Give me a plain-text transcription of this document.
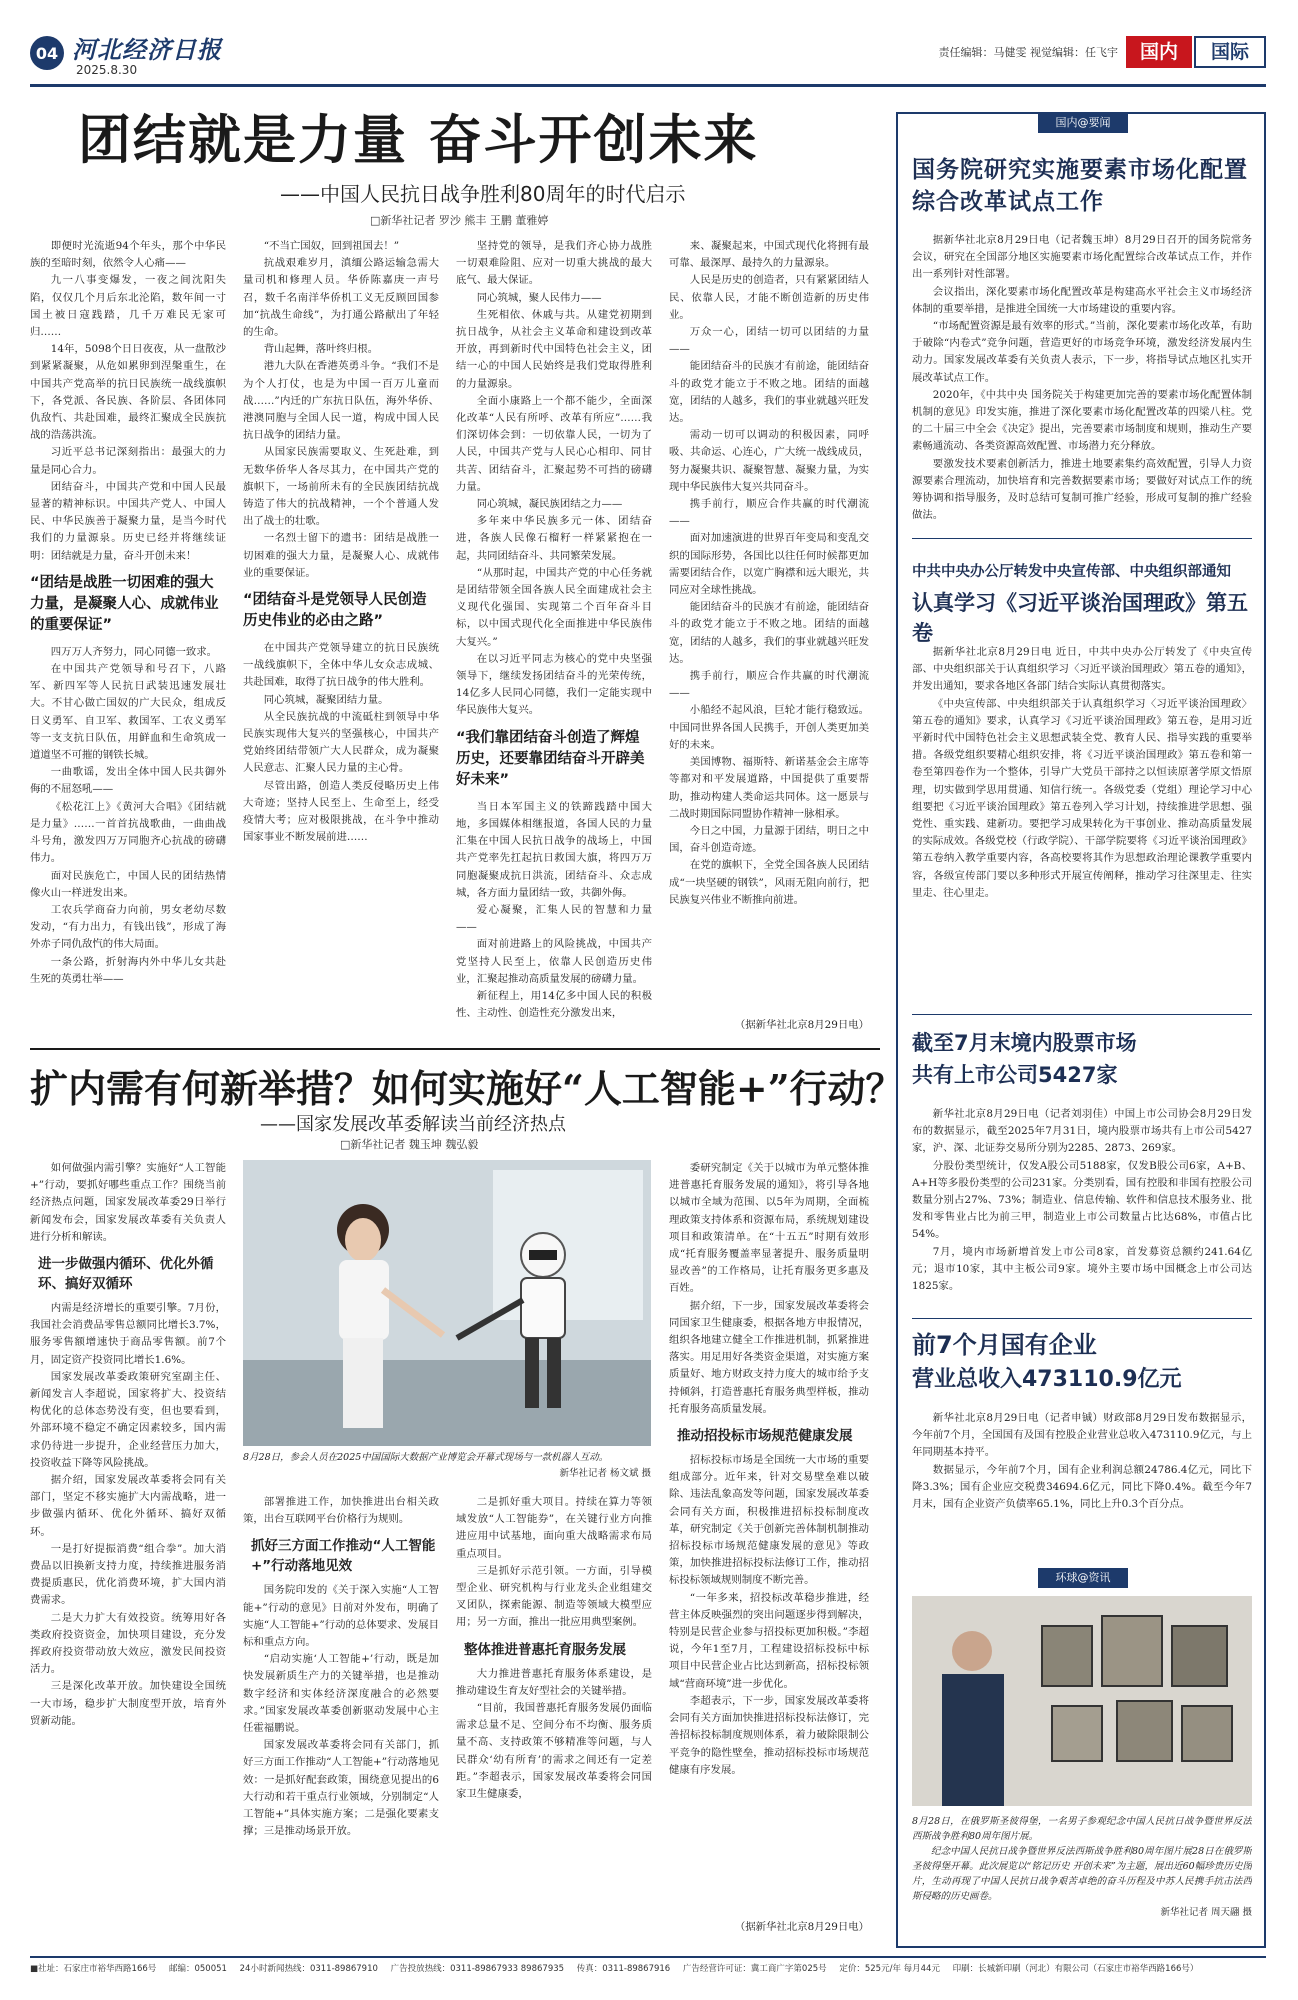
04 河北经济日报
2025.8.30
责任编辑：马健雯 视觉编辑：任飞宇	国内	国际
团结就是力量 奋斗开创未来
——中国人民抗日战争胜利80周年的时代启示
□新华社记者 罗沙 熊丰 王鹏 董雅婷

即便时光流逝94个年头，那个中华民族的至暗时刻，依然令人心痛——

九一八事变爆发，一夜之间沈阳失陷，仅仅几个月后东北沦陷，数年间一寸国土被日寇践踏，几千万难民无家可归……

14年，5098个日日夜夜，从一盘散沙到紧紧凝聚，从危如累卵到涅槃重生，在中国共产党高举的抗日民族统一战线旗帜下，各党派、各民族、各阶层、各团体同仇敌忾、共赴国难，最终汇聚成全民族抗战的浩荡洪流。

习近平总书记深刻指出：最强大的力量是同心合力。

团结奋斗，中国共产党和中国人民最显著的精神标识。中国共产党人、中国人民、中华民族善于凝聚力量，是当今时代我们的力量源泉。历史已经并将继续证明：团结就是力量，奋斗开创未来！

“团结是战胜一切困难的强大力量，是凝聚人心、成就伟业的重要保证”

四万万人齐努力，同心同德一致求。

在中国共产党领导和号召下，八路军、新四军等人民抗日武装迅速发展壮大。不甘心做亡国奴的广大民众，组成反日义勇军、自卫军、救国军、工农义勇军等一支支抗日队伍，用鲜血和生命筑成一道道坚不可摧的钢铁长城。

一曲歌谣，发出全体中国人民共御外侮的不屈怒吼——

《松花江上》《黄河大合唱》《团结就是力量》……一首首抗战歌曲，一曲曲战斗号角，激发四万万同胞齐心抗战的磅礴伟力。

面对民族危亡，中国人民的团结热情像火山一样迸发出来。

工农兵学商奋力向前，男女老幼尽数发动，“有力出力，有钱出钱”，形成了海外赤子同仇敌忾的伟大局面。

一条公路，折射海内外中华儿女共赴生死的英勇壮举——

“不当亡国奴，回到祖国去！”

抗战艰难岁月，滇缅公路运输急需大量司机和修理人员。华侨陈嘉庚一声号召，数千名南洋华侨机工义无反顾回国参加“抗战生命线”，为打通公路献出了年轻的生命。

背山起舞，落叶终归根。

港九大队在香港英勇斗争。“我们不是为个人打仗，也是为中国一百万儿童而战……”内迁的广东抗日队伍，海外华侨、港澳同胞与全国人民一道，构成中国人民抗日战争的团结力量。

从国家民族需要取义、生死赴难，到无数华侨华人各尽其力，在中国共产党的旗帜下，一场前所未有的全民族团结抗战铸造了伟大的抗战精神，一个个普通人发出了战士的壮歌。

一名烈士留下的遗书：团结是战胜一切困难的强大力量，是凝聚人心、成就伟业的重要保证。

“团结奋斗是党领导人民创造历史伟业的必由之路”

在中国共产党领导建立的抗日民族统一战线旗帜下，全体中华儿女众志成城、共赴国难，取得了抗日战争的伟大胜利。

同心筑城，凝聚团结力量。

从全民族抗战的中流砥柱到领导中华民族实现伟大复兴的坚强核心，中国共产党始终团结带领广大人民群众，成为凝聚人民意志、汇聚人民力量的主心骨。

尽管出路，创造人类反侵略历史上伟大奇迹；坚持人民至上、生命至上，经受疫情大考；应对极限挑战，在斗争中推动国家事业不断发展前进……

坚持党的领导，是我们齐心协力战胜一切艰难险阻、应对一切重大挑战的最大底气、最大保证。

同心筑城，聚人民伟力——

生死相依、休戚与共。从建党初期到抗日战争，从社会主义革命和建设到改革开放，再到新时代中国特色社会主义，团结一心的中国人民始终是我们党取得胜利的力量源泉。

全面小康路上一个都不能少，全面深化改革“人民有所呼、改革有所应”……我们深切体会到：一切依靠人民，一切为了人民，中国共产党与人民心心相印、同甘共苦、团结奋斗，汇聚起势不可挡的磅礴力量。

同心筑城，凝民族团结之力——

多年来中华民族多元一体、团结奋进，各族人民像石榴籽一样紧紧抱在一起，共同团结奋斗、共同繁荣发展。

“从那时起，中国共产党的中心任务就是团结带领全国各族人民全面建成社会主义现代化强国、实现第二个百年奋斗目标，以中国式现代化全面推进中华民族伟大复兴。”

在以习近平同志为核心的党中央坚强领导下，继续发扬团结奋斗的光荣传统，14亿多人民同心同德，我们一定能实现中华民族伟大复兴。

“我们靠团结奋斗创造了辉煌历史，还要靠团结奋斗开辟美好未来”

当日本军国主义的铁蹄践踏中国大地，多国媒体相继报道，各国人民的力量汇集在中国人民抗日战争的战场上，中国共产党率先扛起抗日救国大旗，将四万万同胞凝聚成抗日洪流，团结奋斗、众志成城，各方面力量团结一致，共御外侮。

爱心凝聚，汇集人民的智慧和力量——

面对前进路上的风险挑战，中国共产党坚持人民至上，依靠人民创造历史伟业，汇聚起推动高质量发展的磅礴力量。

新征程上，用14亿多中国人民的积极性、主动性、创造性充分激发出来，

来、凝聚起来，中国式现代化将拥有最可靠、最深厚、最持久的力量源泉。

人民是历史的创造者，只有紧紧团结人民、依靠人民，才能不断创造新的历史伟业。

万众一心，团结一切可以团结的力量——

能团结奋斗的民族才有前途，能团结奋斗的政党才能立于不败之地。团结的面越宽，团结的人越多，我们的事业就越兴旺发达。

需动一切可以调动的积极因素，同呼吸、共命运、心连心，广大统一战线成员，努力凝聚共识、凝聚智慧、凝聚力量，为实现中华民族伟大复兴共同奋斗。

携手前行，顺应合作共赢的时代潮流——

面对加速演进的世界百年变局和变乱交织的国际形势，各国比以往任何时候都更加需要团结合作，以宽广胸襟和远大眼光，共同应对全球性挑战。

能团结奋斗的民族才有前途，能团结奋斗的政党才能立于不败之地。团结的面越宽，团结的人越多，我们的事业就越兴旺发达。

携手前行，顺应合作共赢的时代潮流——

小船经不起风浪，巨轮才能行稳致远。中国同世界各国人民携手，开创人类更加美好的未来。

美国博物、福斯特、新诺基金会主席等等都对和平发展道路，中国提供了重要帮助，推动构建人类命运共同体。这一愿景与二战时期国际同盟协作精神一脉相承。

今日之中国，力量源于团结，明日之中国，奋斗创造奇迹。

在党的旗帜下，全党全国各族人民团结成“一块坚硬的钢铁”，风雨无阻向前行，把民族复兴伟业不断推向前进。

（据新华社北京8月29日电）
扩内需有何新举措？如何实施好“人工智能+”行动？
——国家发展改革委解读当前经济热点
□新华社记者 魏玉坤 魏弘毅

如何做强内需引擎？实施好“人工智能+”行动，要抓好哪些重点工作？围绕当前经济热点问题，国家发展改革委29日举行新闻发布会，国家发展改革委有关负责人进行分析和解读。

进一步做强内循环、优化外循环、搞好双循环

内需是经济增长的重要引擎。7月份，我国社会消费品零售总额同比增长3.7%，服务零售额增速快于商品零售额。前7个月，固定资产投资同比增长1.6%。

国家发展改革委政策研究室副主任、新闻发言人李超说，国家将扩大、投资结构优化的总体态势没有变，但也要看到，外部环境不稳定不确定因素较多，国内需求仍待进一步提升，企业经营压力加大，投资收益下降等风险挑战。

据介绍，国家发展改革委将会同有关部门，坚定不移实施扩大内需战略，进一步做强内循环、优化外循环、搞好双循环。

一是打好提振消费“组合拳”。加大消费品以旧换新支持力度，持续推进服务消费提质惠民，优化消费环境，扩大国内消费需求。

二是大力扩大有效投资。统筹用好各类政府投资资金，加快项目建设，充分发挥政府投资带动放大效应，激发民间投资活力。

三是深化改革开放。加快建设全国统一大市场，稳步扩大制度型开放，培育外贸新动能。

8月28日，参会人员在2025中国国际大数据产业博览会开幕式现场与一款机器人互动。
新华社记者 杨文斌 摄

部署推进工作，加快推进出台相关政策，出台互联网平台价格行为规则。

抓好三方面工作推动“人工智能+”行动落地见效

国务院印发的《关于深入实施“人工智能+”行动的意见》日前对外发布，明确了实施“人工智能+”行动的总体要求、发展目标和重点方向。

“启动实施‘人工智能+’行动，既是加快发展新质生产力的关键举措，也是推动数字经济和实体经济深度融合的必然要求。”国家发展改革委创新驱动发展中心主任霍福鹏说。

国家发展改革委将会同有关部门，抓好三方面工作推动“人工智能+”行动落地见效：一是抓好配套政策，围绕意见提出的6大行动和若干重点行业领域，分别制定“人工智能+”具体实施方案；二是强化要素支撑；三是推动场景开放。

二是抓好重大项目。持续在算力等领域发放“人工智能券”，在关键行业方向推进应用中试基地，面向重大战略需求布局重点项目。

三是抓好示范引领。一方面，引导模型企业、研究机构与行业龙头企业组建交叉团队，探索能源、制造等领域大模型应用；另一方面，推出一批应用典型案例。

整体推进普惠托育服务发展

大力推进普惠托育服务体系建设，是推动建设生育友好型社会的关键举措。

“目前，我国普惠托育服务发展仍面临需求总量不足、空间分布不均衡、服务质量不高、支持政策不够精准等问题，与人民群众‘幼有所育’的需求之间还有一定差距。”李超表示，国家发展改革委将会同国家卫生健康委，

委研究制定《关于以城市为单元整体推进普惠托育服务发展的通知》，将引导各地以城市全域为范围、以5年为周期，全面梳理政策支持体系和资源布局，系统规划建设项目和政策清单。在“十五五”时期有效形成“托育服务覆盖率显著提升、服务质量明显改善”的工作格局，让托育服务更多惠及百姓。

据介绍，下一步，国家发展改革委将会同国家卫生健康委，根据各地方申报情况，组织各地建立健全工作推进机制，抓紧推进落实。用足用好各类资金渠道，对实施方案质量好、地方财政支持力度大的城市给予支持倾斜，打造普惠托育服务典型样板，推动托育服务高质量发展。

推动招投标市场规范健康发展

招标投标市场是全国统一大市场的重要组成部分。近年来，针对交易壁垒难以破除、违法乱象高发等问题，国家发展改革委会同有关方面，积极推进招标投标制度改革，研究制定《关于创新完善体制机制推动招标投标市场规范健康发展的意见》等政策，加快推进招标投标法修订工作，推动招标投标领域规则制度不断完善。

“一年多来，招投标改革稳步推进，经营主体反映强烈的突出问题逐步得到解决，特别是民营企业参与招投标更加积极。”李超说，今年1至7月，工程建设招标投标中标项目中民营企业占比达到新高，招标投标领域“营商环境”进一步优化。

李超表示，下一步，国家发展改革委将会同有关方面加快推进招标投标法修订，完善招标投标制度规则体系，着力破除限制公平竞争的隐性壁垒，推动招标投标市场规范健康有序发展。

（据新华社北京8月29日电）
国内@要闻
国务院研究实施要素市场化配置综合改革试点工作

据新华社北京8月29日电（记者魏玉坤）8月29日召开的国务院常务会议，研究在全国部分地区实施要素市场化配置综合改革试点工作，并作出一系列针对性部署。

会议指出，深化要素市场化配置改革是构建高水平社会主义市场经济体制的重要举措，是推进全国统一大市场建设的重要内容。

“市场配置资源是最有效率的形式。”当前，深化要素市场化改革，有助于破除“内卷式”竞争问题，营造更好的市场竞争环境，激发经济发展内生动力。国家发展改革委有关负责人表示，下一步，将指导试点地区扎实开展改革试点工作。

2020年，《中共中央 国务院关于构建更加完善的要素市场化配置体制机制的意见》印发实施，推进了深化要素市场化配置改革的四梁八柱。党的二十届三中全会《决定》提出，完善要素市场制度和规则，推动生产要素畅通流动、各类资源高效配置、市场潜力充分释放。

要激发技术要素创新活力，推进土地要素集约高效配置，引导人力资源要素合理流动，加快培育和完善数据要素市场；要做好对试点工作的统筹协调和指导服务，及时总结可复制可推广经验，形成可复制的推广经验做法。

中共中央办公厅转发中央宣传部、中央组织部通知
认真学习《习近平谈治国理政》第五卷

据新华社北京8月29日电 近日，中共中央办公厅转发了《中央宣传部、中央组织部关于认真组织学习〈习近平谈治国理政〉第五卷的通知》，并发出通知，要求各地区各部门结合实际认真贯彻落实。

《中央宣传部、中央组织部关于认真组织学习〈习近平谈治国理政〉第五卷的通知》要求，认真学习《习近平谈治国理政》第五卷，是用习近平新时代中国特色社会主义思想武装全党、教育人民、指导实践的重要举措。各级党组织要精心组织安排，将《习近平谈治国理政》第五卷和第一卷至第四卷作为一个整体，引导广大党员干部持之以恒读原著学原文悟原理，切实做到学思用贯通、知信行统一。各级党委（党组）理论学习中心组要把《习近平谈治国理政》第五卷列入学习计划，持续推进学思想、强党性、重实践、建新功。要把学习成果转化为干事创业、推动高质量发展的实际成效。各级党校（行政学院）、干部学院要将《习近平谈治国理政》第五卷纳入教学重要内容，各高校要将其作为思想政治理论课教学重要内容，各级宣传部门要以多种形式开展宣传阐释，推动学习往深里走、往实里走、往心里走。

截至7月末境内股票市场
共有上市公司5427家

新华社北京8月29日电（记者刘羽佳）中国上市公司协会8月29日发布的数据显示，截至2025年7月31日，境内股票市场共有上市公司5427家，沪、深、北证券交易所分别为2285、2873、269家。

分股份类型统计，仅发A股公司5188家，仅发B股公司6家，A+B、A+H等多股份类型的公司231家。分类别看，国有控股和非国有控股公司数量分别占27%、73%；制造业、信息传输、软件和信息技术服务业、批发和零售业占比为前三甲，制造业上市公司数量占比达68%，市值占比54%。

7月，境内市场新增首发上市公司8家，首发募资总额约241.64亿元；退市10家，其中主板公司9家。境外主要市场中国概念上市公司达1825家。

前7个月国有企业
营业总收入473110.9亿元

新华社北京8月29日电（记者申铖）财政部8月29日发布数据显示，今年前7个月，全国国有及国有控股企业营业总收入473110.9亿元，与上年同期基本持平。

数据显示，今年前7个月，国有企业利润总额24786.4亿元，同比下降3.3%；国有企业应交税费34694.6亿元，同比下降0.4%。截至今年7月末，国有企业资产负债率65.1%，同比上升0.3个百分点。

环球@资讯
8月28日，在俄罗斯圣彼得堡，一名男子参观纪念中国人民抗日战争暨世界反法西斯战争胜利80周年图片展。
纪念中国人民抗日战争暨世界反法西斯战争胜利80周年图片展28日在俄罗斯圣彼得堡开幕。此次展览以“铭记历史 开创未来”为主题，展出近60幅珍贵历史图片，生动再现了中国人民抗日战争艰苦卓绝的奋斗历程及中苏人民携手抗击法西斯侵略的历史画卷。
新华社记者 周天翮 摄
■社址：石家庄市裕华西路166号 邮编：050051 24小时新闻热线：0311-89867910 广告投放热线：0311-89867933 89867935 传真：0311-89867916 广告经营许可证：冀工商广字第025号 定价：525元/年 每月44元 印刷：长城新印刷（河北）有限公司（石家庄市裕华西路166号）
